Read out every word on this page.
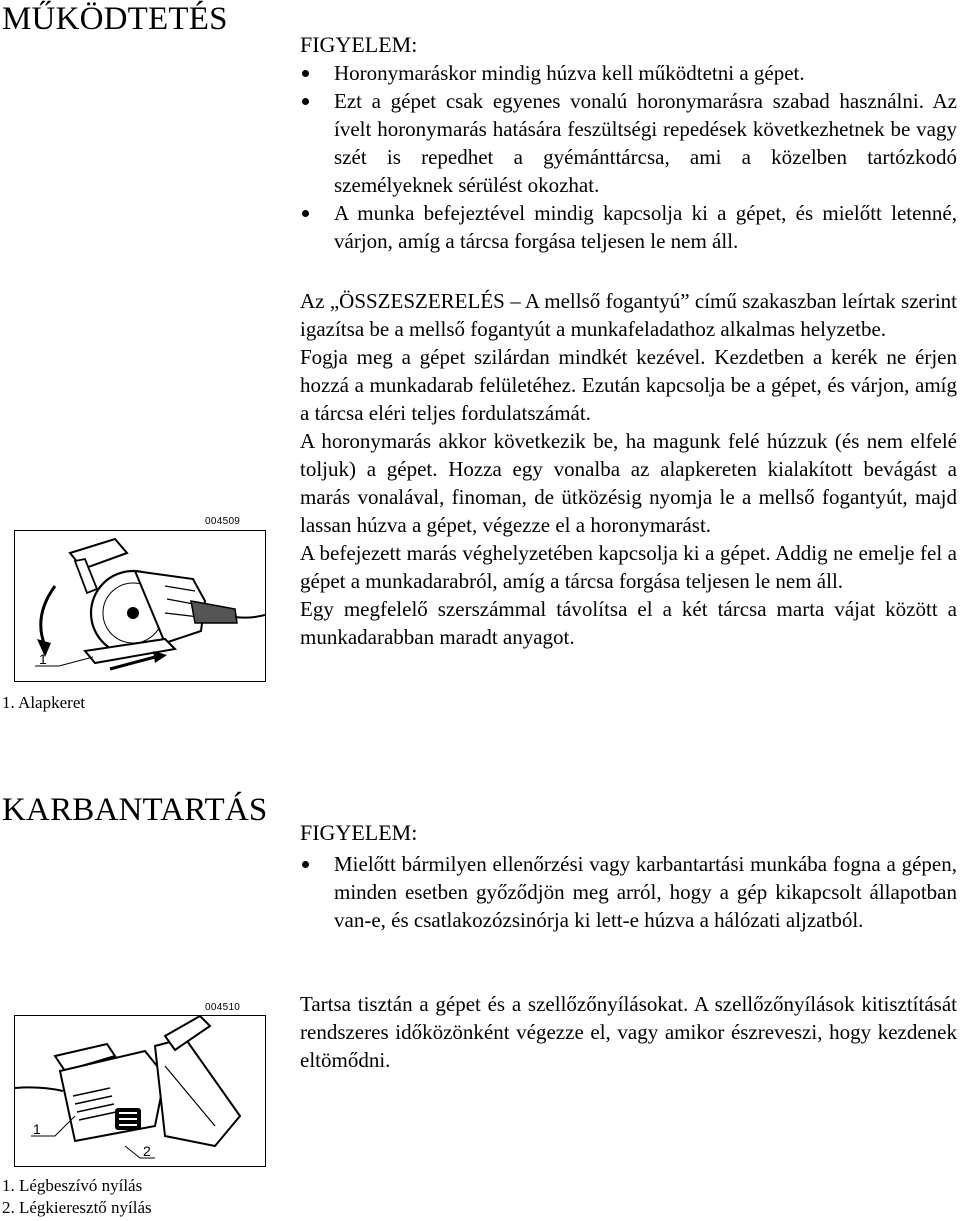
MŰKÖDTETÉS
FIGYELEM:
Horonymaráskor mindig húzva kell működtetni a gépet.
Ezt a gépet csak egyenes vonalú horonymarásra szabad használni. Az ívelt horonymarás hatására feszültségi repedések következhetnek be vagy szét is repedhet a gyémánttárcsa, ami a közelben tartózkodó személyeknek sérülést okozhat.
A munka befejeztével mindig kapcsolja ki a gépet, és mielőtt letenné, várjon, amíg a tárcsa forgása teljesen le nem áll.

Az „ÖSSZESZERELÉS – A mellső fogantyú” című szakaszban leírtak szerint igazítsa be a mellső fogantyút a munkafeladathoz alkalmas helyzetbe.

Fogja meg a gépet szilárdan mindkét kezével. Kezdetben a kerék ne érjen hozzá a munkadarab felületéhez. Ezután kapcsolja be a gépet, és várjon, amíg a tárcsa eléri teljes fordulatszámát.

A horonymarás akkor következik be, ha magunk felé húzzuk (és nem elfelé toljuk) a gépet. Hozza egy vonalba az alapkereten kialakított bevágást a marás vonalával, finoman, de ütközésig nyomja le a mellső fogantyút, majd lassan húzva a gépet, végezze el a horonymarást.

A befejezett marás véghelyzetében kapcsolja ki a gépet. Addig ne emelje fel a gépet a munkadarabról, amíg a tárcsa forgása teljesen le nem áll.

Egy megfelelő szerszámmal távolítsa el a két tárcsa marta vájat között a munkadarabban maradt anyagot.

1
004509

1. Alapkeret

KARBANTARTÁS
FIGYELEM:
Mielőtt bármilyen ellenőrzési vagy karbantartási munkába fogna a gépen, minden esetben győződjön meg arról, hogy a gép kikapcsolt állapotban van-e, és csatlakozózsinórja ki lett-e húzva a hálózati aljzatból.

Tartsa tisztán a gépet és a szellőzőnyílásokat. A szellőzőnyílások kitisztítását rendszeres időközönként végezze el, vagy amikor észreveszi, hogy kezdenek eltömődni.

004510
1
2

1. Légbeszívó nyílás

2. Légkieresztő nyílás
